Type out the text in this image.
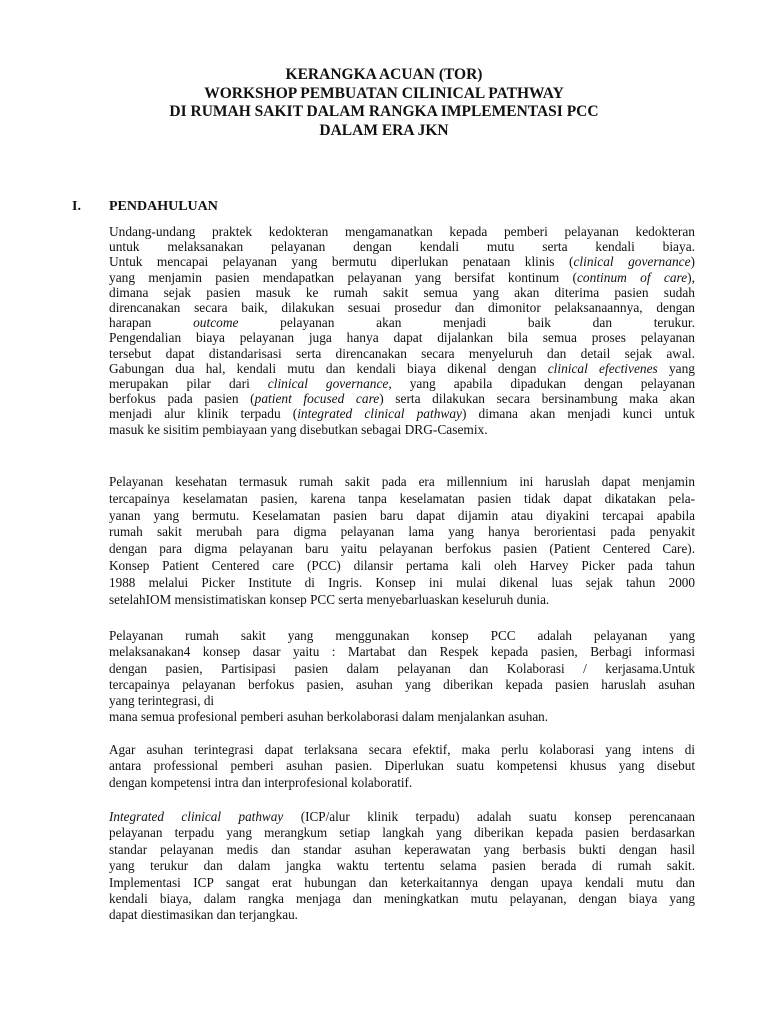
KERANGKA ACUAN (TOR)
WORKSHOP PEMBUATAN CILINICAL PATHWAY
DI RUMAH SAKIT DALAM RANGKA IMPLEMENTASI PCC
DALAM ERA JKN
I. PENDAHULUAN
Undang-undang praktek kedokteran mengamanatkan kepada pemberi pelayanan kedokteran
untuk melaksanakan pelayanan dengan kendali mutu serta kendali biaya.
Untuk mencapai pelayanan yang bermutu diperlukan penataan klinis (clinical governance)
yang menjamin pasien mendapatkan pelayanan yang bersifat kontinum (continum of care),
dimana sejak pasien masuk ke rumah sakit semua yang akan diterima pasien sudah
direncanakan secara baik, dilakukan sesuai prosedur dan dimonitor pelaksanaannya, dengan
harapan outcome pelayanan akan menjadi baik dan terukur.
Pengendalian biaya pelayanan juga hanya dapat dijalankan bila semua proses pelayanan
tersebut dapat distandarisasi serta direncanakan secara menyeluruh dan detail sejak awal.
Gabungan dua hal, kendali mutu dan kendali biaya dikenal dengan clinical efectivenes yang
merupakan pilar dari clinical governance, yang apabila dipadukan dengan pelayanan
berfokus pada pasien (patient focused care) serta dilakukan secara bersinambung maka akan
menjadi alur klinik terpadu (integrated clinical pathway) dimana akan menjadi kunci untuk
masuk ke sisitim pembiayaan yang disebutkan sebagai DRG-Casemix.
Pelayanan kesehatan termasuk rumah sakit pada era millennium ini haruslah dapat menjamin
tercapainya keselamatan pasien, karena tanpa keselamatan pasien tidak dapat dikatakan pela-
yanan yang bermutu. Keselamatan pasien baru dapat dijamin atau diyakini tercapai apabila
rumah sakit merubah para digma pelayanan lama yang hanya berorientasi pada penyakit
dengan para digma pelayanan baru yaitu pelayanan berfokus pasien (Patient Centered Care).
Konsep Patient Centered care (PCC) dilansir pertama kali oleh Harvey Picker pada tahun
1988 melalui Picker Institute di Ingris. Konsep ini mulai dikenal luas sejak tahun 2000
setelahIOM mensistimatiskan konsep PCC serta menyebarluaskan keseluruh dunia.
Pelayanan rumah sakit yang menggunakan konsep PCC adalah pelayanan yang
melaksanakan4 konsep dasar yaitu : Martabat dan Respek kepada pasien, Berbagi informasi
dengan pasien, Partisipasi pasien dalam pelayanan dan Kolaborasi / kerjasama.Untuk
tercapainya pelayanan berfokus pasien, asuhan yang diberikan kepada pasien haruslah asuhan
yang terintegrasi, di
mana semua profesional pemberi asuhan berkolaborasi dalam menjalankan asuhan.
Agar asuhan terintegrasi dapat terlaksana secara efektif, maka perlu kolaborasi yang intens di
antara professional pemberi asuhan pasien. Diperlukan suatu kompetensi khusus yang disebut
dengan kompetensi intra dan interprofesional kolaboratif.
Integrated clinical pathway (ICP/alur klinik terpadu) adalah suatu konsep perencanaan
pelayanan terpadu yang merangkum setiap langkah yang diberikan kepada pasien berdasarkan
standar pelayanan medis dan standar asuhan keperawatan yang berbasis bukti dengan hasil
yang terukur dan dalam jangka waktu tertentu selama pasien berada di rumah sakit.
Implementasi ICP sangat erat hubungan dan keterkaitannya dengan upaya kendali mutu dan
kendali biaya, dalam rangka menjaga dan meningkatkan mutu pelayanan, dengan biaya yang
dapat diestimasikan dan terjangkau.
